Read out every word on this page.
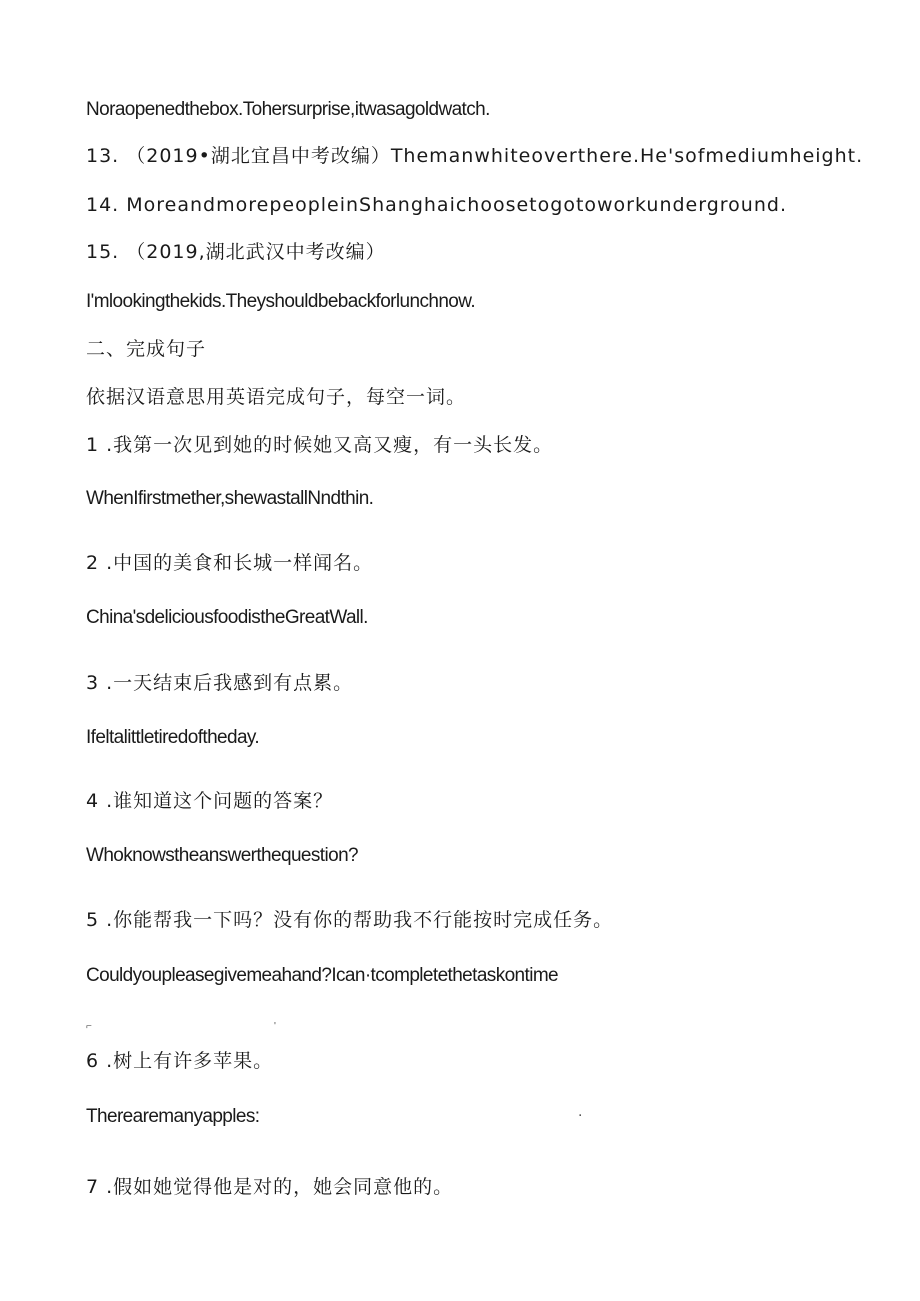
Noraopenedthebox.Tohersurprise,itwasagoldwatch.
13. （2019•湖北宜昌中考改编）Themanwhiteoverthere.He'sofmediumheight.
14. MoreandmorepeopleinShanghaichoosetogotoworkunderground.
15. （2019,湖北武汉中考改编）
I'mlookingthekids.Theyshouldbebackforlunchnow.
二、完成句子
依据汉语意思用英语完成句子，每空一词。
1 .我第一次见到她的时候她又高又瘦，有一头长发。
WhenIfirstmether,shewastallNndthin.
2 .中国的美食和长城一样闻名。
China'sdeliciousfoodistheGreatWall.
3 .一天结束后我感到有点累。
Ifeltalittletiredoftheday.
4 .谁知道这个问题的答案？
Whoknowstheanswerthequestion?
5 .你能帮我一下吗？没有你的帮助我不行能按时完成任务。
Couldyoupleasegivemeahand?Ican·tcompletethetaskontime
⌐	'
6 .树上有许多苹果。
Therearemanyapples:	.
7 .假如她觉得他是对的，她会同意他的。
